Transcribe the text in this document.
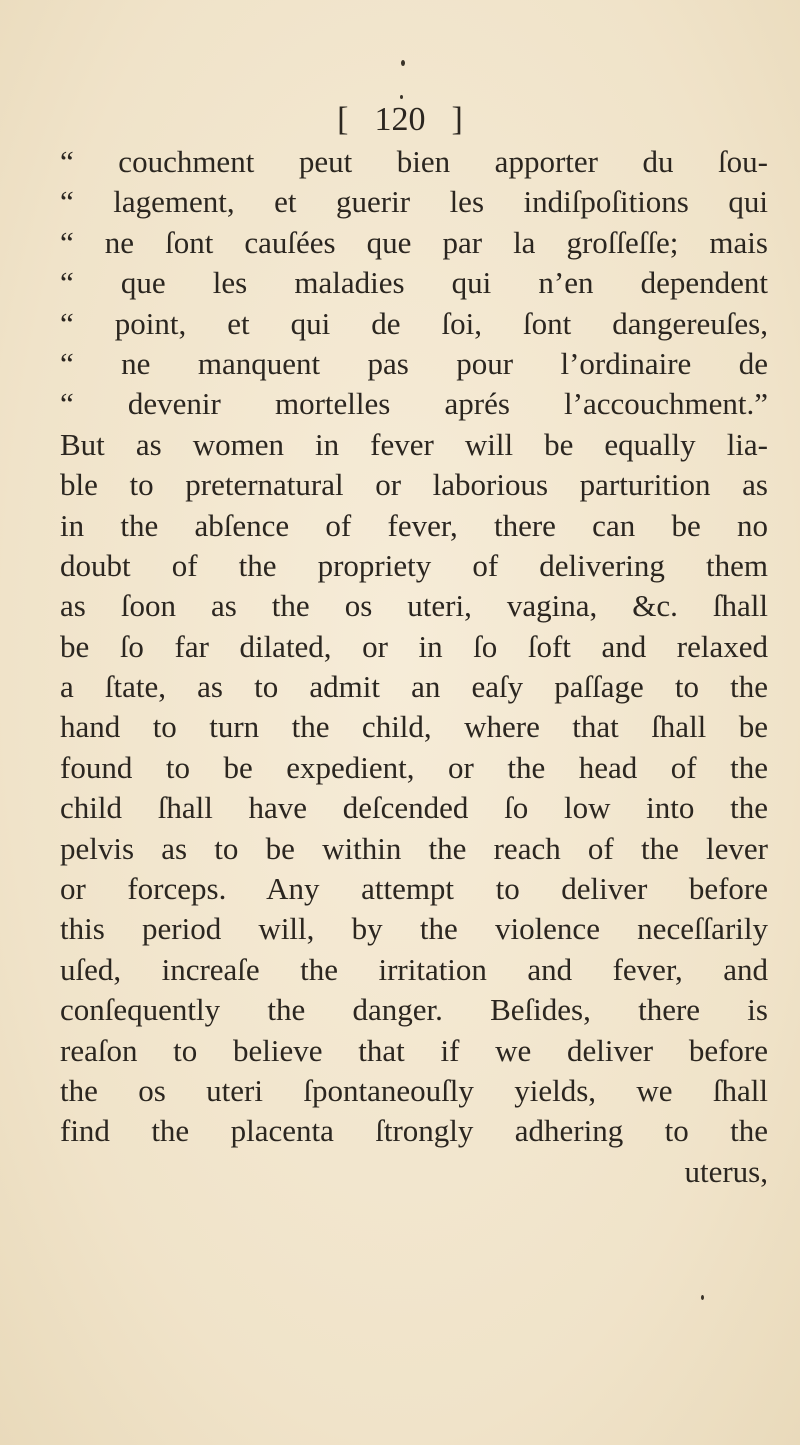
[ 120 ]
“ couchment peut bien apporter du ſou-
“ lagement, et guerir les indiſpoſitions qui
“ ne ſont cauſées que par la groſſeſſe; mais
“ que les maladies qui n’en dependent
“ point, et qui de ſoi, ſont dangereuſes,
“ ne manquent pas pour l’ordinaire de
“ devenir mortelles aprés l’accouchment.”
But as women in fever will be equally lia-
ble to preternatural or laborious parturition as
in the abſence of fever, there can be no
doubt of the propriety of delivering them
as ſoon as the os uteri, vagina, &c. ſhall
be ſo far dilated, or in ſo ſoft and relaxed
a ſtate, as to admit an eaſy paſſage to the
hand to turn the child, where that ſhall be
found to be expedient, or the head of the
child ſhall have deſcended ſo low into the
pelvis as to be within the reach of the lever
or forceps. Any attempt to deliver before
this period will, by the violence neceſſarily
uſed, increaſe the irritation and fever, and
conſequently the danger. Beſides, there is
reaſon to believe that if we deliver before
the os uteri ſpontaneouſly yields, we ſhall
find the placenta ſtrongly adhering to the
uterus,
